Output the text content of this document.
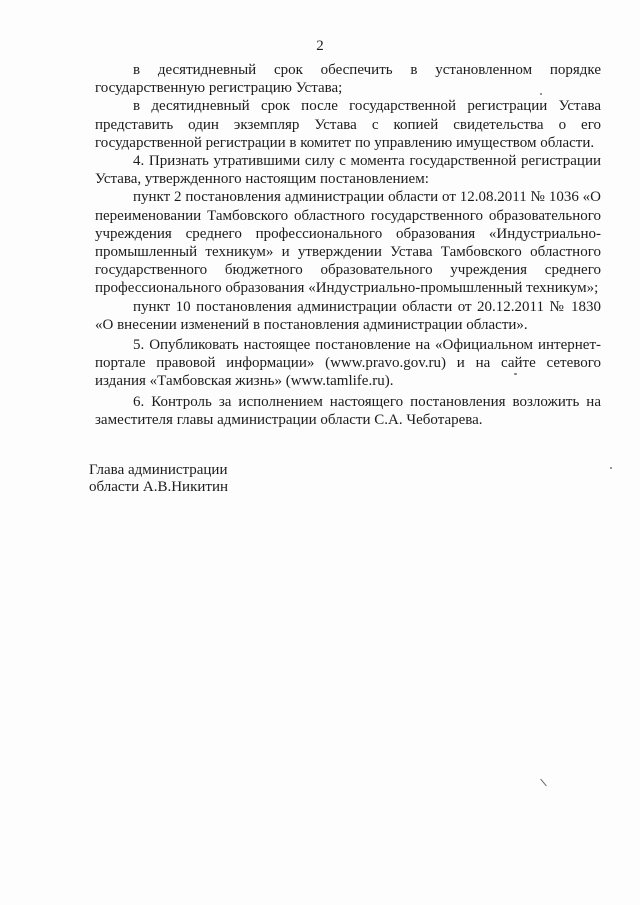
2

в десятидневный срок обеспечить в установленном порядке государственную регистрацию Устава;

в десятидневный срок после государственной регистрации Устава представить один экземпляр Устава с копией свидетельства о его государственной регистрации в комитет по управлению имуществом области.

4. Признать утратившими силу с момента государственной регистрации Устава, утвержденного настоящим постановлением:

пункт 2 постановления администрации области от 12.08.2011 № 1036 «О переименовании Тамбовского областного государственного образовательного учреждения среднего профессионального образования «Индустриально-промышленный техникум» и утверждении Устава Тамбовского областного государственного бюджетного образовательного учреждения среднего профессионального образования «Индустриально-промышленный техникум»;

пункт 10 постановления администрации области от 20.12.2011 № 1830 «О внесении изменений в постановления администрации области».

5. Опубликовать настоящее постановление на «Официальном интернет-портале правовой информации» (www.pravo.gov.ru) и на сайте сетевого издания «Тамбовская жизнь» (www.tamlife.ru).

6. Контроль за исполнением настоящего постановления возложить на заместителя главы администрации области С.А. Чеботарева.

Глава администрации
области А.В.Никитин
